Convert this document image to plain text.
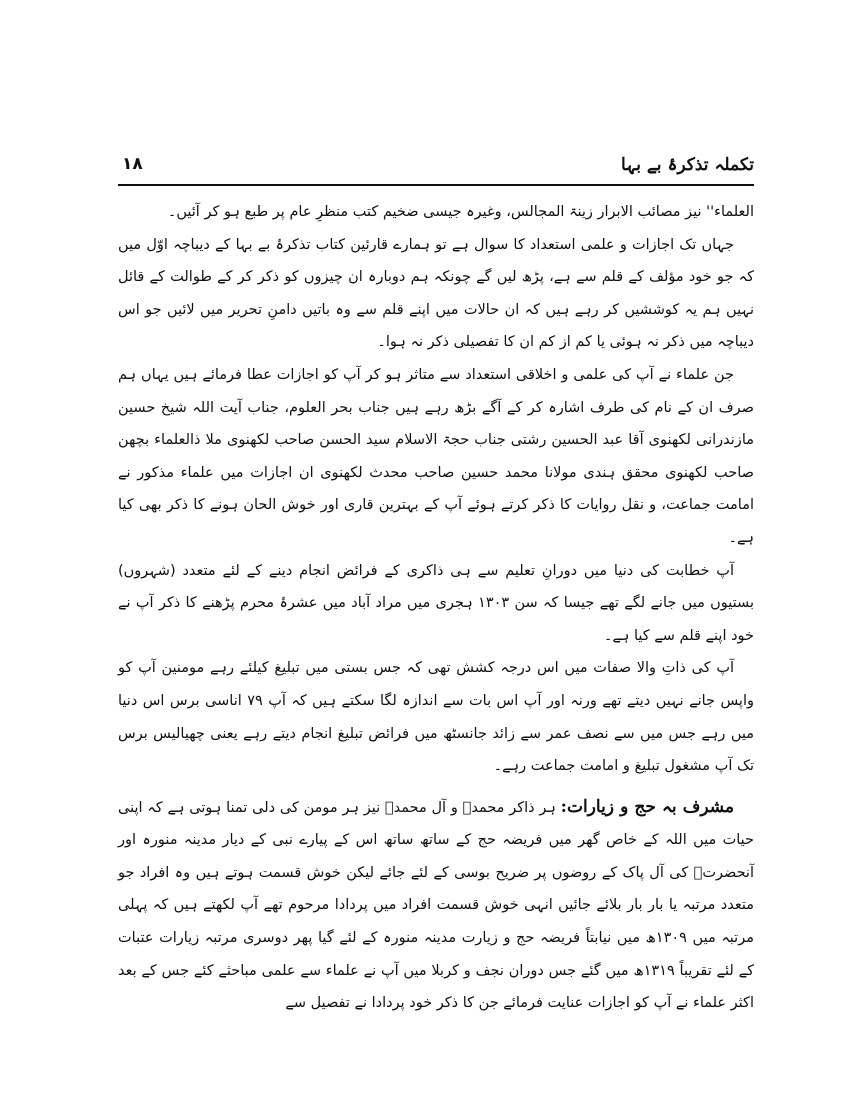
تکملہ تذکرۂ بے بہا
١٨

العلماء'' نیز مصائب الابرار زینۃ المجالس، وغیرہ جیسی ضخیم کتب منظرِ عام پر طبع ہو کر آئیں۔

جہاں تک اجازات و علمی استعداد کا سوال ہے تو ہمارے قارئین کتاب تذکرۂ بے بہا کے دیباچہ اوّل میں کہ جو خود مؤلف کے قلم سے ہے، پڑھ لیں گے چونکہ ہم دوبارہ ان چیزوں کو ذکر کر کے طوالت کے قائل نہیں ہم یہ کوششیں کر رہے ہیں کہ ان حالات میں اپنے قلم سے وہ باتیں دامنِ تحریر میں لائیں جو اس دیباچہ میں ذکر نہ ہوئی یا کم از کم ان کا تفصیلی ذکر نہ ہوا۔

جن علماء نے آپ کی علمی و اخلاقی استعداد سے متاثر ہو کر آپ کو اجازات عطا فرمائے ہیں یہاں ہم صرف ان کے نام کی طرف اشارہ کر کے آگے بڑھ رہے ہیں جناب بحر العلوم، جناب آیت اللہ شیخ حسین مازندرانی لکھنوی آقا عبد الحسین رشتی جناب حجۃ الاسلام سید الحسن صاحب لکھنوی ملا ذالعلماء بچھن صاحب لکھنوی محقق ہندی مولانا محمد حسین صاحب محدث لکھنوی ان اجازات میں علماء مذکور نے امامت جماعت، و نقل روایات کا ذکر کرتے ہوئے آپ کے بہترین قاری اور خوش الحان ہونے کا ذکر بھی کیا ہے۔

آپ خطابت کی دنیا میں دورانِ تعلیم سے ہی ذاکری کے فرائض انجام دینے کے لئے متعدد (شہروں) بستیوں میں جانے لگے تھے جیسا کہ سن ١٣٠٣ ہجری میں مراد آباد میں عشرۂ محرم پڑھنے کا ذکر آپ نے خود اپنے قلم سے کیا ہے۔

آپ کی ذاتِ والا صفات میں اس درجہ کشش تھی کہ جس بستی میں تبلیغ کیلئے رہے مومنین آپ کو واپس جانے نہیں دیتے تھے ورنہ اور آپ اس بات سے اندازہ لگا سکتے ہیں کہ آپ ٧٩ اناسی برس اس دنیا میں رہے جس میں سے نصف عمر سے زائد جانسٹھ میں فرائض تبلیغ انجام دیتے رہے یعنی چھیالیس برس تک آپ مشغول تبلیغ و امامت جماعت رہے۔

مشرف بہ حج و زیارات: ہر ذاکر محمدؐ و آل محمدؐ نیز ہر مومن کی دلی تمنا ہوتی ہے کہ اپنی حیات میں اللہ کے خاص گھر میں فریضہ حج کے ساتھ ساتھ اس کے پیارے نبی کے دیار مدینہ منورہ اور آنحضرتؐ کی آل پاک کے روضوں پر ضریح بوسی کے لئے جائے لیکن خوش قسمت ہوتے ہیں وہ افراد جو متعدد مرتبہ یا بار بار بلائے جائیں انہی خوش قسمت افراد میں پردادا مرحوم تھے آپ لکھتے ہیں کہ پہلی مرتبہ میں ١٣٠٩ھ میں نیابتاً فریضہ حج و زیارت مدینہ منورہ کے لئے گیا پھر دوسری مرتبہ زیارات عتبات کے لئے تقریباً ١٣١٩ھ میں گئے جس دوران نجف و کربلا میں آپ نے علماء سے علمی مباحثے کئے جس کے بعد اکثر علماء نے آپ کو اجازات عنایت فرمائے جن کا ذکر خود پردادا نے تفصیل سے
